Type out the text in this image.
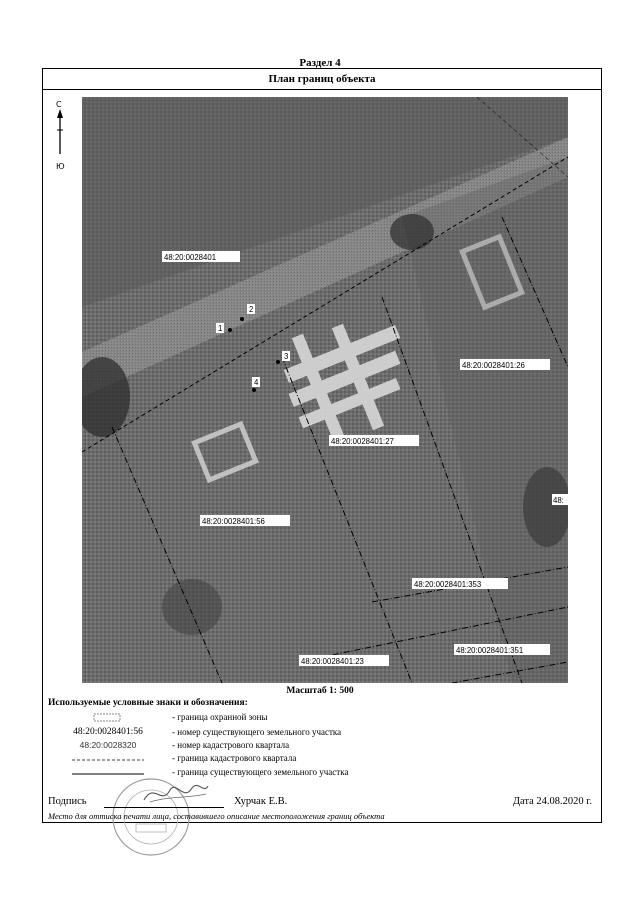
Раздел 4
План границ объекта
С
Ю
48:20:0028401
48:20:0028401:26
48:20:0028401:27
48:20:0028401:56
48:20:0028401:353
48:20:0028401:351
48:20:0028401:23
48:
1
2
3
4
Масштаб 1: 500
Используемые условные знаки и обозначения:
- граница охранной зоны
48:20:0028401:56	- номер существующего земельного участка
48:20:0028320	- номер кадастрового квартала
- граница кадастрового квартала
- граница существующего земельного участка
Подпись	Хурчак Е.В.	Дата 24.08.2020 г.
Место для оттиска печати лица, составившего описание местоположения границ объекта
